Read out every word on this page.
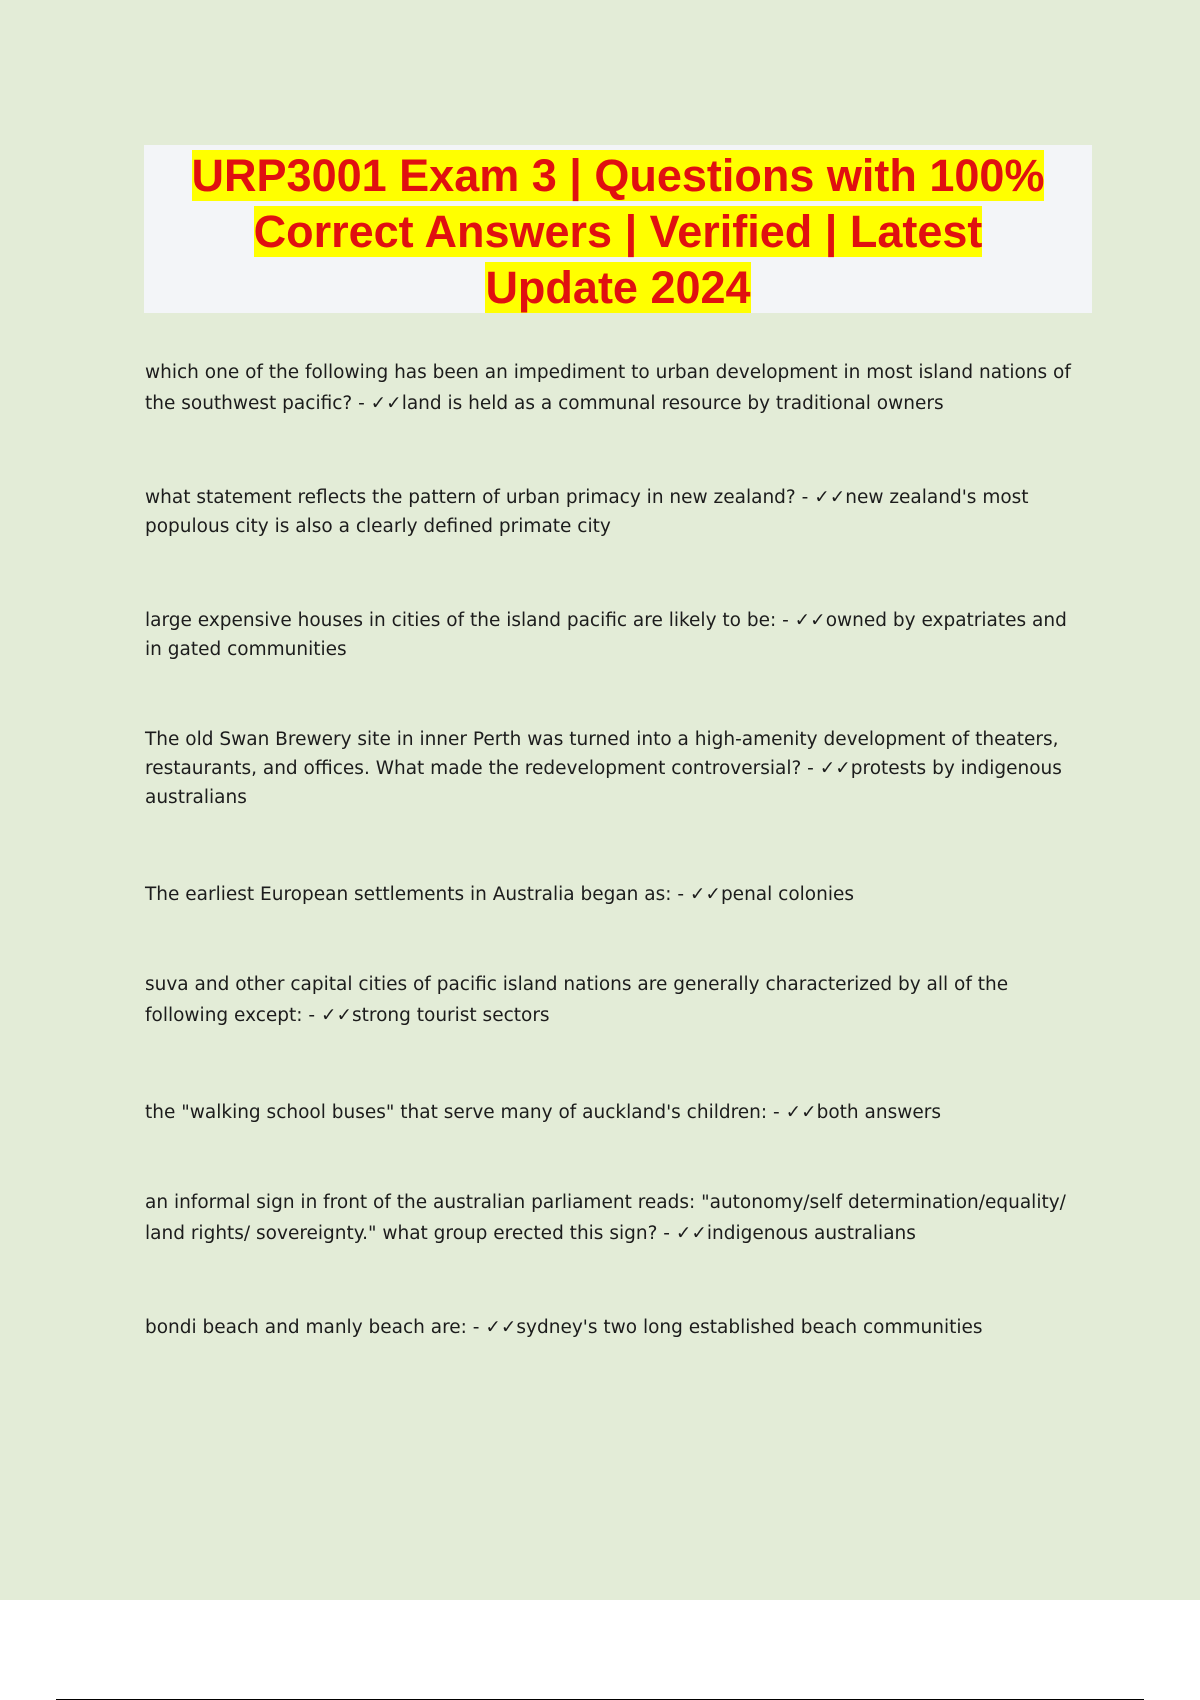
URP3001 Exam 3 | Questions with 100%
Correct Answers | Verified | Latest
Update 2024
which one of the following has been an impediment to urban development in most island nations of the southwest pacific? - ✓✓land is held as a communal resource by traditional owners
what statement reflects the pattern of urban primacy in new zealand? - ✓✓new zealand's most populous city is also a clearly defined primate city
large expensive houses in cities of the island pacific are likely to be: - ✓✓owned by expatriates and in gated communities
The old Swan Brewery site in inner Perth was turned into a high-amenity development of theaters, restaurants, and offices. What made the redevelopment controversial? - ✓✓protests by indigenous australians
The earliest European settlements in Australia began as: - ✓✓penal colonies
suva and other capital cities of pacific island nations are generally characterized by all of the following except: - ✓✓strong tourist sectors
the "walking school buses" that serve many of auckland's children: - ✓✓both answers
an informal sign in front of the australian parliament reads: "autonomy/self determination/equality/ land rights/ sovereignty." what group erected this sign? - ✓✓indigenous australians
bondi beach and manly beach are: - ✓✓sydney's two long established beach communities
